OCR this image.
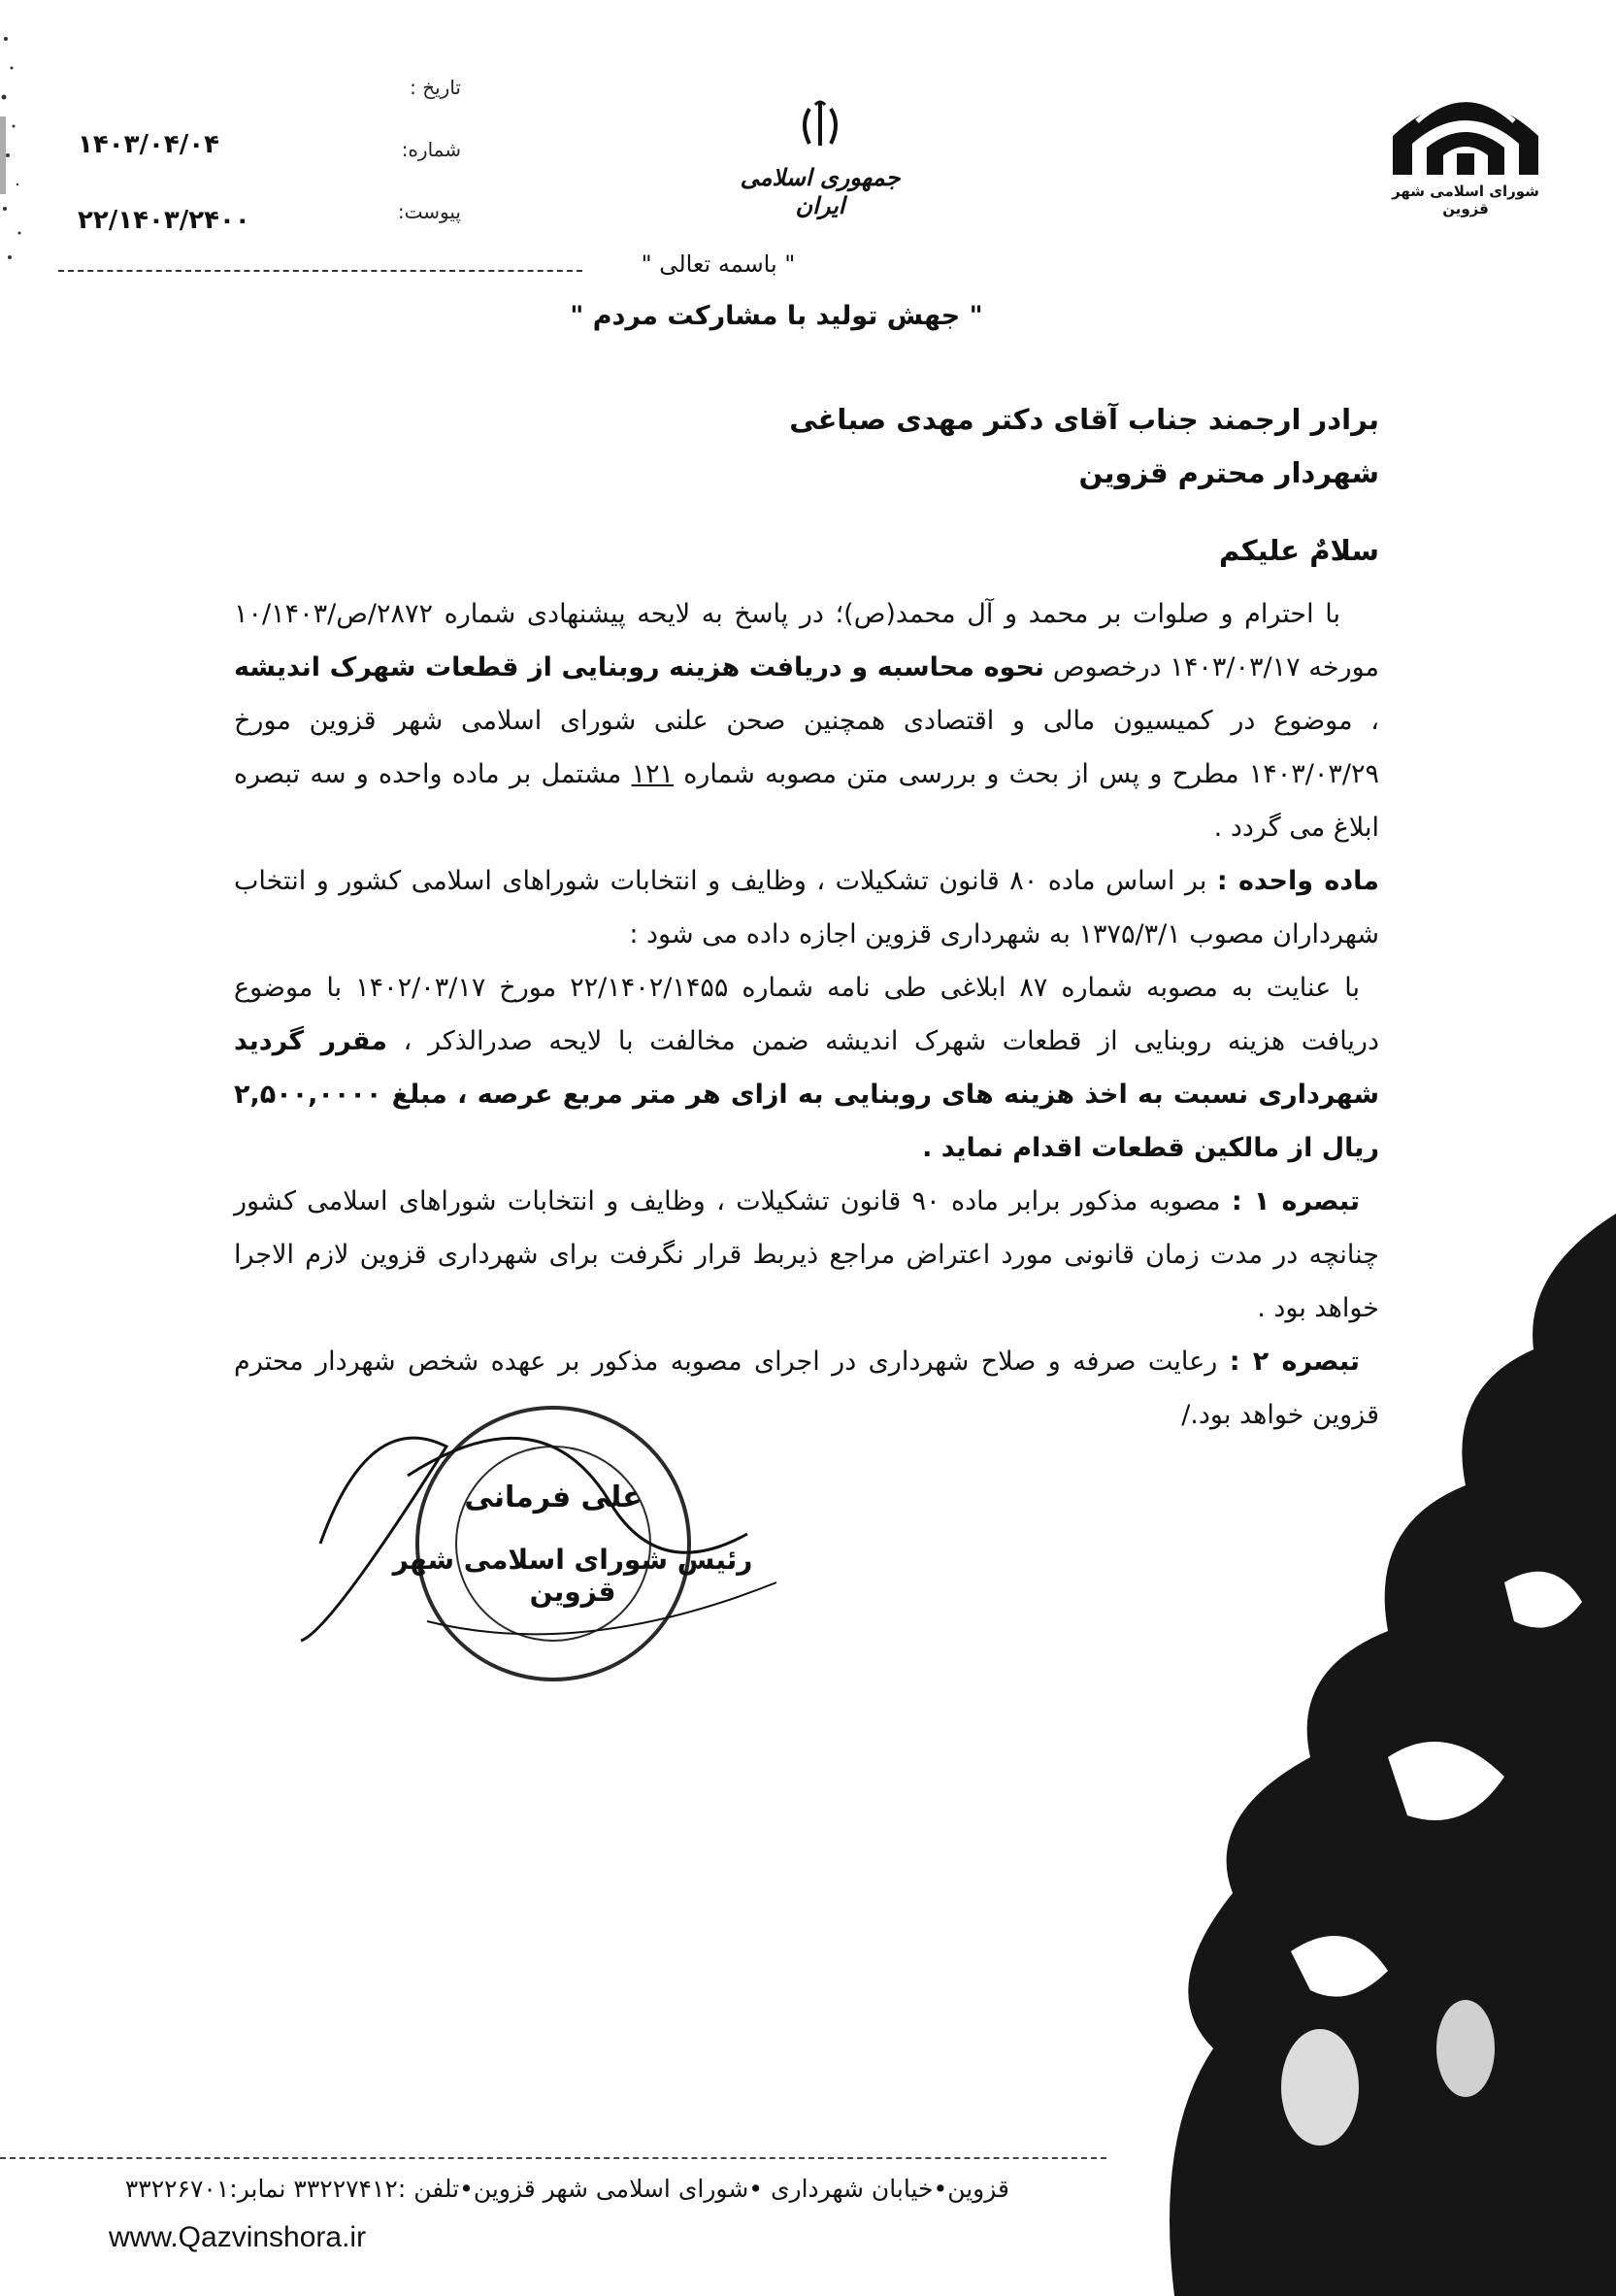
شورای اسلامی شهر قزوین
جمهوری اسلامی ایران
تاریخ :
شماره:
پیوست:
۱۴۰۳/۰۴/۰۴
۲۲/۱۴۰۳/۲۴۰۰
" باسمه تعالی "
" جهش تولید با مشارکت مردم "
برادر ارجمند جناب آقای دکتر مهدی صباغی
شهردار محترم قزوین
سلامٌ علیکم

با احترام و صلوات بر محمد و آل محمد(ص)؛ در پاسخ به لایحه پیشنهادی شماره ۲۸۷۲/ص/۱۰/۱۴۰۳ مورخه ۱۴۰۳/۰۳/۱۷ درخصوص نحوه محاسبه و دریافت هزینه روبنایی از قطعات شهرک اندیشه ، موضوع در کمیسیون مالی و اقتصادی همچنین صحن علنی شورای اسلامی شهر قزوین مورخ ۱۴۰۳/۰۳/۲۹ مطرح و پس از بحث و بررسی متن مصوبه شماره ۱۲۱ مشتمل بر ماده واحده و سه تبصره ابلاغ می گردد .

ماده واحده : بر اساس ماده ۸۰ قانون تشکیلات ، وظایف و انتخابات شوراهای اسلامی کشور و انتخاب شهرداران مصوب ۱۳۷۵/۳/۱ به شهرداری قزوین اجازه داده می شود :

با عنایت به مصوبه شماره ۸۷ ابلاغی طی نامه شماره ۲۲/۱۴۰۲/۱۴۵۵ مورخ ۱۴۰۲/۰۳/۱۷ با موضوع دریافت هزینه روبنایی از قطعات شهرک اندیشه ضمن مخالفت با لایحه صدرالذکر ، مقرر گردید شهرداری نسبت به اخذ هزینه های روبنایی به ازای هر متر مربع عرصه ، مبلغ ۲,۵۰۰,۰۰۰۰ ریال از مالکین قطعات اقدام نماید .

تبصره ۱ : مصوبه مذکور برابر ماده ۹۰ قانون تشکیلات ، وظایف و انتخابات شوراهای اسلامی کشور چنانچه در مدت زمان قانونی مورد اعتراض مراجع ذیربط قرار نگرفت برای شهرداری قزوین لازم الاجرا خواهد بود .

تبصره ۲ : رعایت صرفه و صلاح شهرداری در اجرای مصوبه مذکور بر عهده شخص شهردار محترم قزوین خواهد بود./

علی فرمانی
رئیس شورای اسلامی شهر قزوین
قزوین•خیابان شهرداری •شورای اسلامی شهر قزوین•تلفن :۳۳۲۲۷۴۱۲ نمابر:۳۳۲۲۶۷۰۱
www.Qazvinshora.ir
